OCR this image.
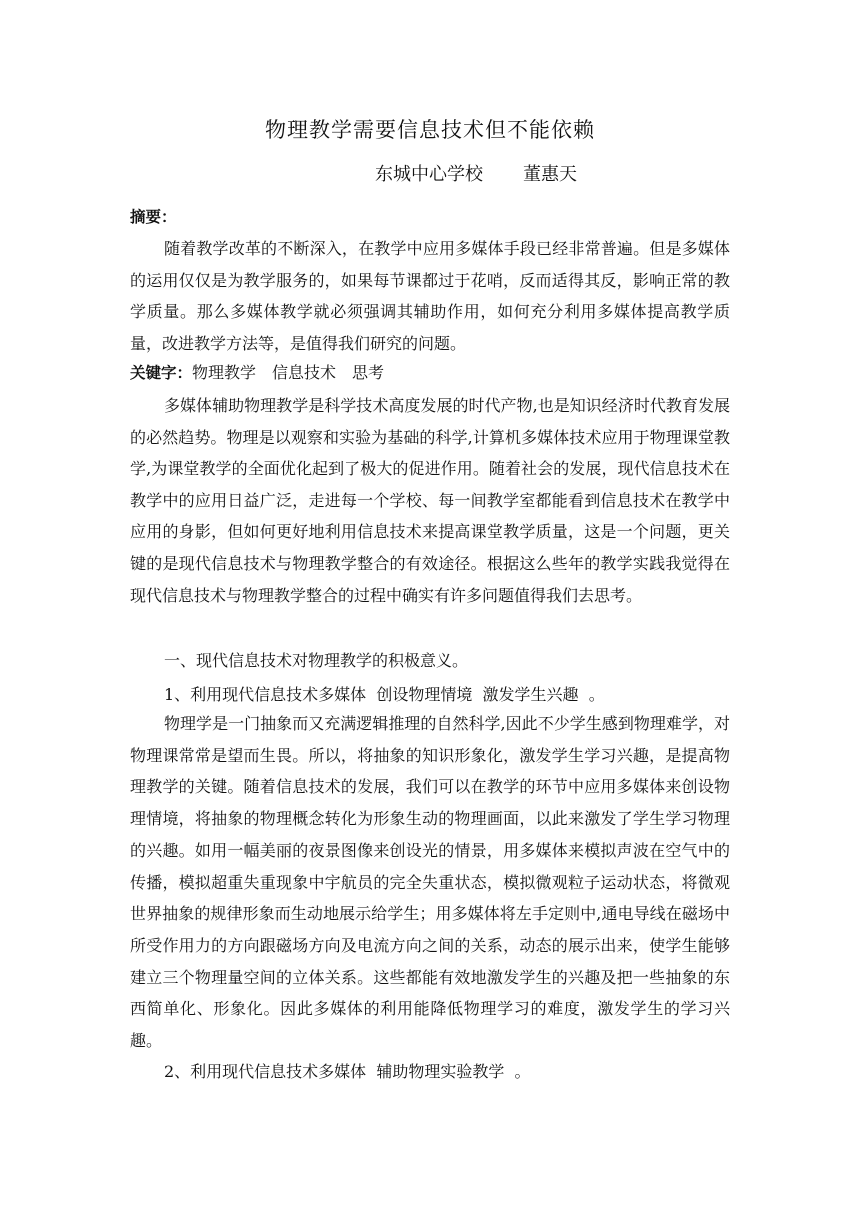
物理教学需要信息技术但不能依赖
东城中心学校 董惠天
摘要：

随着教学改革的不断深入，在教学中应用多媒体手段已经非常普遍。但是多媒体的运用仅仅是为教学服务的，如果每节课都过于花哨，反而适得其反，影响正常的教学质量。那么多媒体教学就必须强调其辅助作用，如何充分利用多媒体提高教学质量，改进教学方法等，是值得我们研究的问题。

关键字：物理教学 信息技术 思考

多媒体辅助物理教学是科学技术高度发展的时代产物,也是知识经济时代教育发展的必然趋势。物理是以观察和实验为基础的科学,计算机多媒体技术应用于物理课堂教学,为课堂教学的全面优化起到了极大的促进作用。随着社会的发展，现代信息技术在教学中的应用日益广泛，走进每一个学校、每一间教学室都能看到信息技术在教学中应用的身影，但如何更好地利用信息技术来提高课堂教学质量，这是一个问题，更关键的是现代信息技术与物理教学整合的有效途径。根据这么些年的教学实践我觉得在现代信息技术与物理教学整合的过程中确实有许多问题值得我们去思考。

一、现代信息技术对物理教学的积极意义。

1、利用现代信息技术多媒体  创设物理情境  激发学生兴趣  。

物理学是一门抽象而又充满逻辑推理的自然科学,因此不少学生感到物理难学，对物理课常常是望而生畏。所以，将抽象的知识形象化，激发学生学习兴趣，是提高物理教学的关键。随着信息技术的发展，我们可以在教学的环节中应用多媒体来创设物理情境，将抽象的物理概念转化为形象生动的物理画面，以此来激发了学生学习物理的兴趣。如用一幅美丽的夜景图像来创设光的情景，用多媒体来模拟声波在空气中的传播，模拟超重失重现象中宇航员的完全失重状态，模拟微观粒子运动状态，将微观世界抽象的规律形象而生动地展示给学生；用多媒体将左手定则中,通电导线在磁场中所受作用力的方向跟磁场方向及电流方向之间的关系，动态的展示出来，使学生能够建立三个物理量空间的立体关系。这些都能有效地激发学生的兴趣及把一些抽象的东西简单化、形象化。因此多媒体的利用能降低物理学习的难度，激发学生的学习兴趣。

2、利用现代信息技术多媒体  辅助物理实验教学  。
